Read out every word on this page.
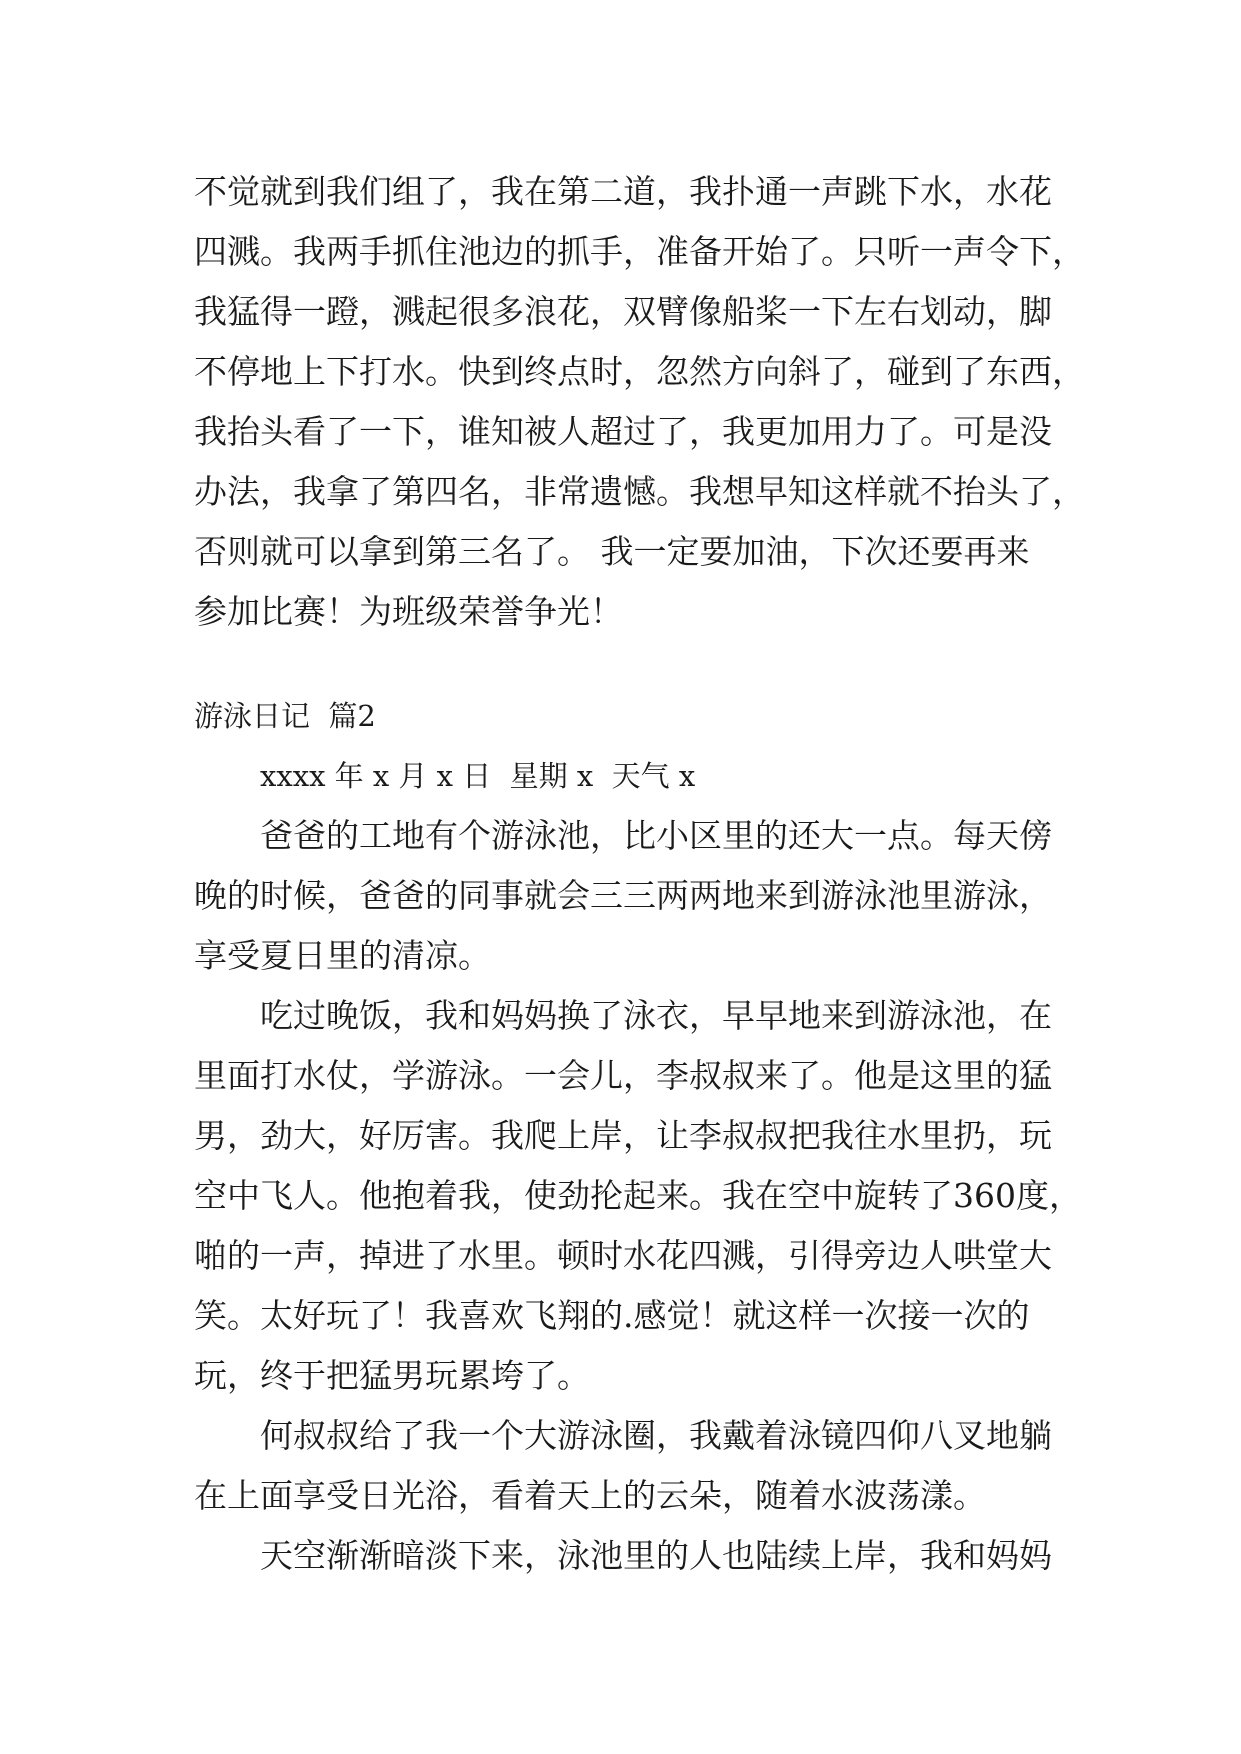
不觉就到我们组了，我在第二道，我扑通一声跳下水，水花
四溅。我两手抓住池边的抓手，准备开始了。只听一声令下，
我猛得一蹬，溅起很多浪花，双臂像船桨一下左右划动，脚
不停地上下打水。快到终点时，忽然方向斜了，碰到了东西，
我抬头看了一下，谁知被人超过了，我更加用力了。可是没
办法，我拿了第四名，非常遗憾。我想早知这样就不抬头了，
否则就可以拿到第三名了。 我一定要加油，下次还要再来
参加比赛！为班级荣誉争光！
游泳日记  篇2
xxxx 年 x 月 x 日  星期 x  天气 x
爸爸的工地有个游泳池，比小区里的还大一点。每天傍
晚的时候，爸爸的同事就会三三两两地来到游泳池里游泳，
享受夏日里的清凉。
吃过晚饭，我和妈妈换了泳衣，早早地来到游泳池，在
里面打水仗，学游泳。一会儿，李叔叔来了。他是这里的猛
男，劲大，好厉害。我爬上岸，让李叔叔把我往水里扔，玩
空中飞人。他抱着我，使劲抡起来。我在空中旋转了360度，
啪的一声，掉进了水里。顿时水花四溅，引得旁边人哄堂大
笑。太好玩了！我喜欢飞翔的.感觉！就这样一次接一次的
玩，终于把猛男玩累垮了。
何叔叔给了我一个大游泳圈，我戴着泳镜四仰八叉地躺
在上面享受日光浴，看着天上的云朵，随着水波荡漾。
天空渐渐暗淡下来，泳池里的人也陆续上岸，我和妈妈
